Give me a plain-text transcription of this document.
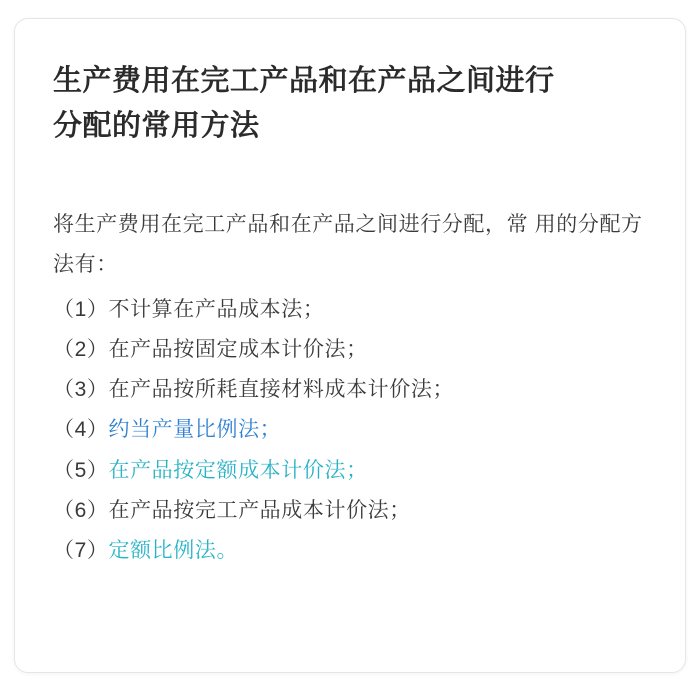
生产费用在完工产品和在产品之间进行
分配的常用方法

将生产费用在完工产品和在产品之间进行分配，常 用的分配方法有：

（1）不计算在产品成本法；
（2）在产品按固定成本计价法；
（3）在产品按所耗直接材料成本计价法；
（4）约当产量比例法；
（5）在产品按定额成本计价法；
（6）在产品按完工产品成本计价法；
（7）定额比例法。
